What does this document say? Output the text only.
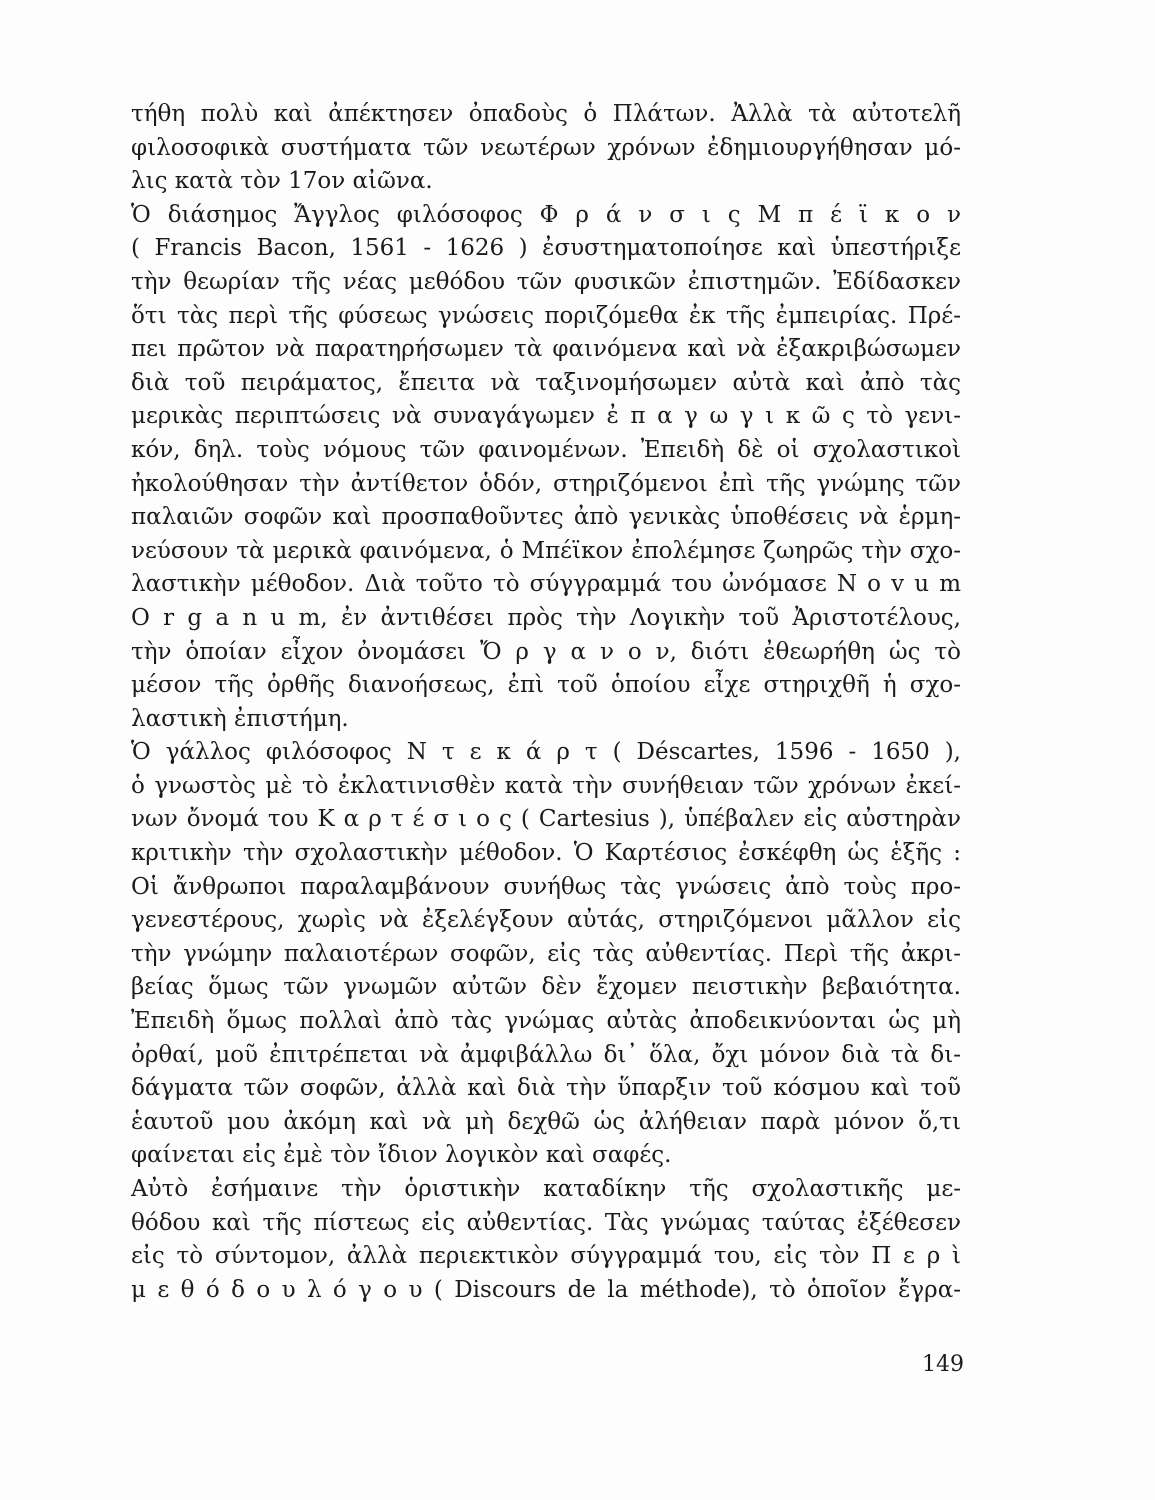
τήθη πολὺ καὶ ἀπέκτησεν ὀπαδοὺς ὁ Πλάτων. Ἀλλὰ τὰ αὐτοτελῆ
φιλοσοφικὰ συστήματα τῶν νεωτέρων χρόνων ἐδημιουργήθησαν μό-
λις κατὰ τὸν 17ον αἰῶνα.
Ὁ διάσημος Ἄγγλος φιλόσοφος Φ ρ ά ν σ ι ς Μ π έ ϊ κ ο ν
( Francis Bacon, 1561 - 1626 ) ἐσυστηματοποίησε καὶ ὑπεστήριξε
τὴν θεωρίαν τῆς νέας μεθόδου τῶν φυσικῶν ἐπιστημῶν. Ἐδίδασκεν
ὅτι τὰς περὶ τῆς φύσεως γνώσεις ποριζόμεθα ἐκ τῆς ἐμπειρίας. Πρέ-
πει πρῶτον νὰ παρατηρήσωμεν τὰ φαινόμενα καὶ νὰ ἐξακριβώσωμεν
διὰ τοῦ πειράματος, ἔπειτα νὰ ταξινομήσωμεν αὐτὰ καὶ ἀπὸ τὰς
μερικὰς περιπτώσεις νὰ συναγάγωμεν ἐ π α γ ω γ ι κ ῶ ς τὸ γενι-
κόν, δηλ. τοὺς νόμους τῶν φαινομένων. Ἐπειδὴ δὲ οἱ σχολαστικοὶ
ἠκολούθησαν τὴν ἀντίθετον ὁδόν, στηριζόμενοι ἐπὶ τῆς γνώμης τῶν
παλαιῶν σοφῶν καὶ προσπαθοῦντες ἀπὸ γενικὰς ὑποθέσεις νὰ ἑρμη-
νεύσουν τὰ μερικὰ φαινόμενα, ὁ Μπέϊκον ἐπολέμησε ζωηρῶς τὴν σχο-
λαστικὴν μέθοδον. Διὰ τοῦτο τὸ σύγγραμμά του ὠνόμασε N o v u m
O r g a n u m, ἐν ἀντιθέσει πρὸς τὴν Λογικὴν τοῦ Ἀριστοτέλους,
τὴν ὁποίαν εἶχον ὀνομάσει Ὄ ρ γ α ν ο ν, διότι ἐθεωρήθη ὡς τὸ
μέσον τῆς ὀρθῆς διανοήσεως, ἐπὶ τοῦ ὁποίου εἶχε στηριχθῆ ἡ σχο-
λαστικὴ ἐπιστήμη.
Ὁ γάλλος φιλόσοφος Ν τ ε κ ά ρ τ ( Déscartes, 1596 - 1650 ),
ὁ γνωστὸς μὲ τὸ ἐκλατινισθὲν κατὰ τὴν συνήθειαν τῶν χρόνων ἐκεί-
νων ὄνομά του Κ α ρ τ έ σ ι ο ς ( Cartesius ), ὑπέβαλεν εἰς αὐστηρὰν
κριτικὴν τὴν σχολαστικὴν μέθοδον. Ὁ Καρτέσιος ἐσκέφθη ὡς ἑξῆς :
Οἱ ἄνθρωποι παραλαμβάνουν συνήθως τὰς γνώσεις ἀπὸ τοὺς προ-
γενεστέρους, χωρὶς νὰ ἐξελέγξουν αὐτάς, στηριζόμενοι μᾶλλον εἰς
τὴν γνώμην παλαιοτέρων σοφῶν, εἰς τὰς αὐθεντίας. Περὶ τῆς ἀκρι-
βείας ὅμως τῶν γνωμῶν αὐτῶν δὲν ἔχομεν πειστικὴν βεβαιότητα.
Ἐπειδὴ ὅμως πολλαὶ ἀπὸ τὰς γνώμας αὐτὰς ἀποδεικνύονται ὡς μὴ
ὀρθαί, μοῦ ἐπιτρέπεται νὰ ἀμφιβάλλω δι᾿ ὅλα, ὄχι μόνον διὰ τὰ δι-
δάγματα τῶν σοφῶν, ἀλλὰ καὶ διὰ τὴν ὕπαρξιν τοῦ κόσμου καὶ τοῦ
ἑαυτοῦ μου ἀκόμη καὶ νὰ μὴ δεχθῶ ὡς ἀλήθειαν παρὰ μόνον ὅ,τι
φαίνεται εἰς ἐμὲ τὸν ἴδιον λογικὸν καὶ σαφές.
Αὐτὸ ἐσήμαινε τὴν ὁριστικὴν καταδίκην τῆς σχολαστικῆς με-
θόδου καὶ τῆς πίστεως εἰς αὐθεντίας. Τὰς γνώμας ταύτας ἐξέθεσεν
εἰς τὸ σύντομον, ἀλλὰ περιεκτικὸν σύγγραμμά του, εἰς τὸν Π ε ρ ὶ
μ ε θ ό δ ο υ λ ό γ ο υ ( Discours de la méthode), τὸ ὁποῖον ἔγρα-
149
